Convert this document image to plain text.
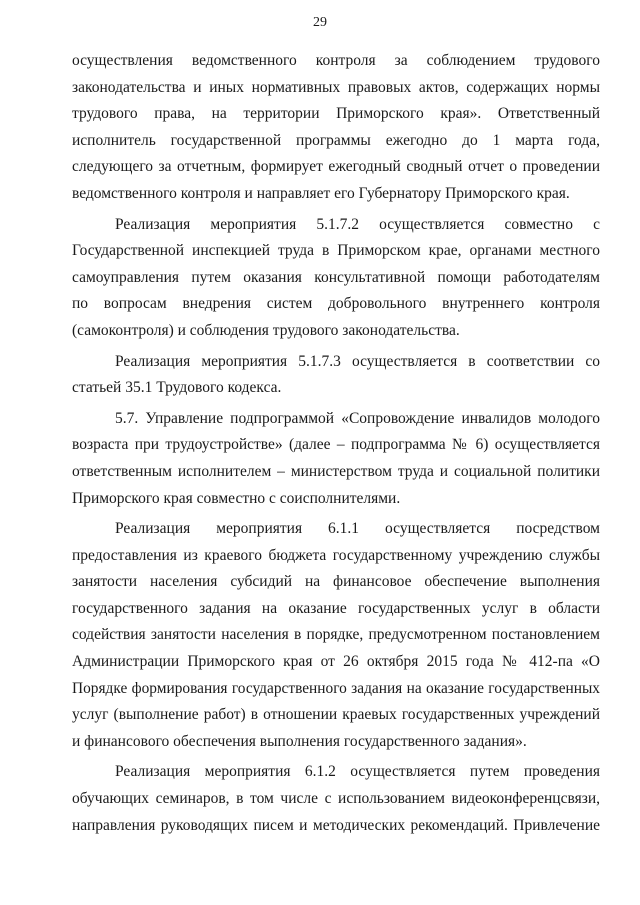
29

осуществления ведомственного контроля за соблюдением трудового
законодательства и иных нормативных правовых актов, содержащих нормы
трудового права, на территории Приморского края». Ответственный
исполнитель государственной программы ежегодно до 1 марта года,
следующего за отчетным, формирует ежегодный сводный отчет о проведении
ведомственного контроля и направляет его Губернатору Приморского края.

Реализация мероприятия 5.1.7.2 осуществляется совместно с
Государственной инспекцией труда в Приморском крае, органами местного
самоуправления путем оказания консультативной помощи работодателям
по вопросам внедрения систем добровольного внутреннего контроля
(самоконтроля) и соблюдения трудового законодательства.

Реализация мероприятия 5.1.7.3 осуществляется в соответствии со
статьей 35.1 Трудового кодекса.

5.7. Управление подпрограммой «Сопровождение инвалидов молодого
возраста при трудоустройстве» (далее – подпрограмма № 6) осуществляется
ответственным исполнителем – министерством труда и социальной политики
Приморского края совместно с соисполнителями.

Реализация мероприятия 6.1.1 осуществляется посредством
предоставления из краевого бюджета государственному учреждению службы
занятости населения субсидий на финансовое обеспечение выполнения
государственного задания на оказание государственных услуг в области
содействия занятости населения в порядке, предусмотренном постановлением
Администрации Приморского края от 26 октября 2015 года № 412-па «О
Порядке формирования государственного задания на оказание государственных
услуг (выполнение работ) в отношении краевых государственных учреждений
и финансового обеспечения выполнения государственного задания».

Реализация мероприятия 6.1.2 осуществляется путем проведения
обучающих семинаров, в том числе с использованием видеоконференцсвязи,
направления руководящих писем и методических рекомендаций. Привлечение
